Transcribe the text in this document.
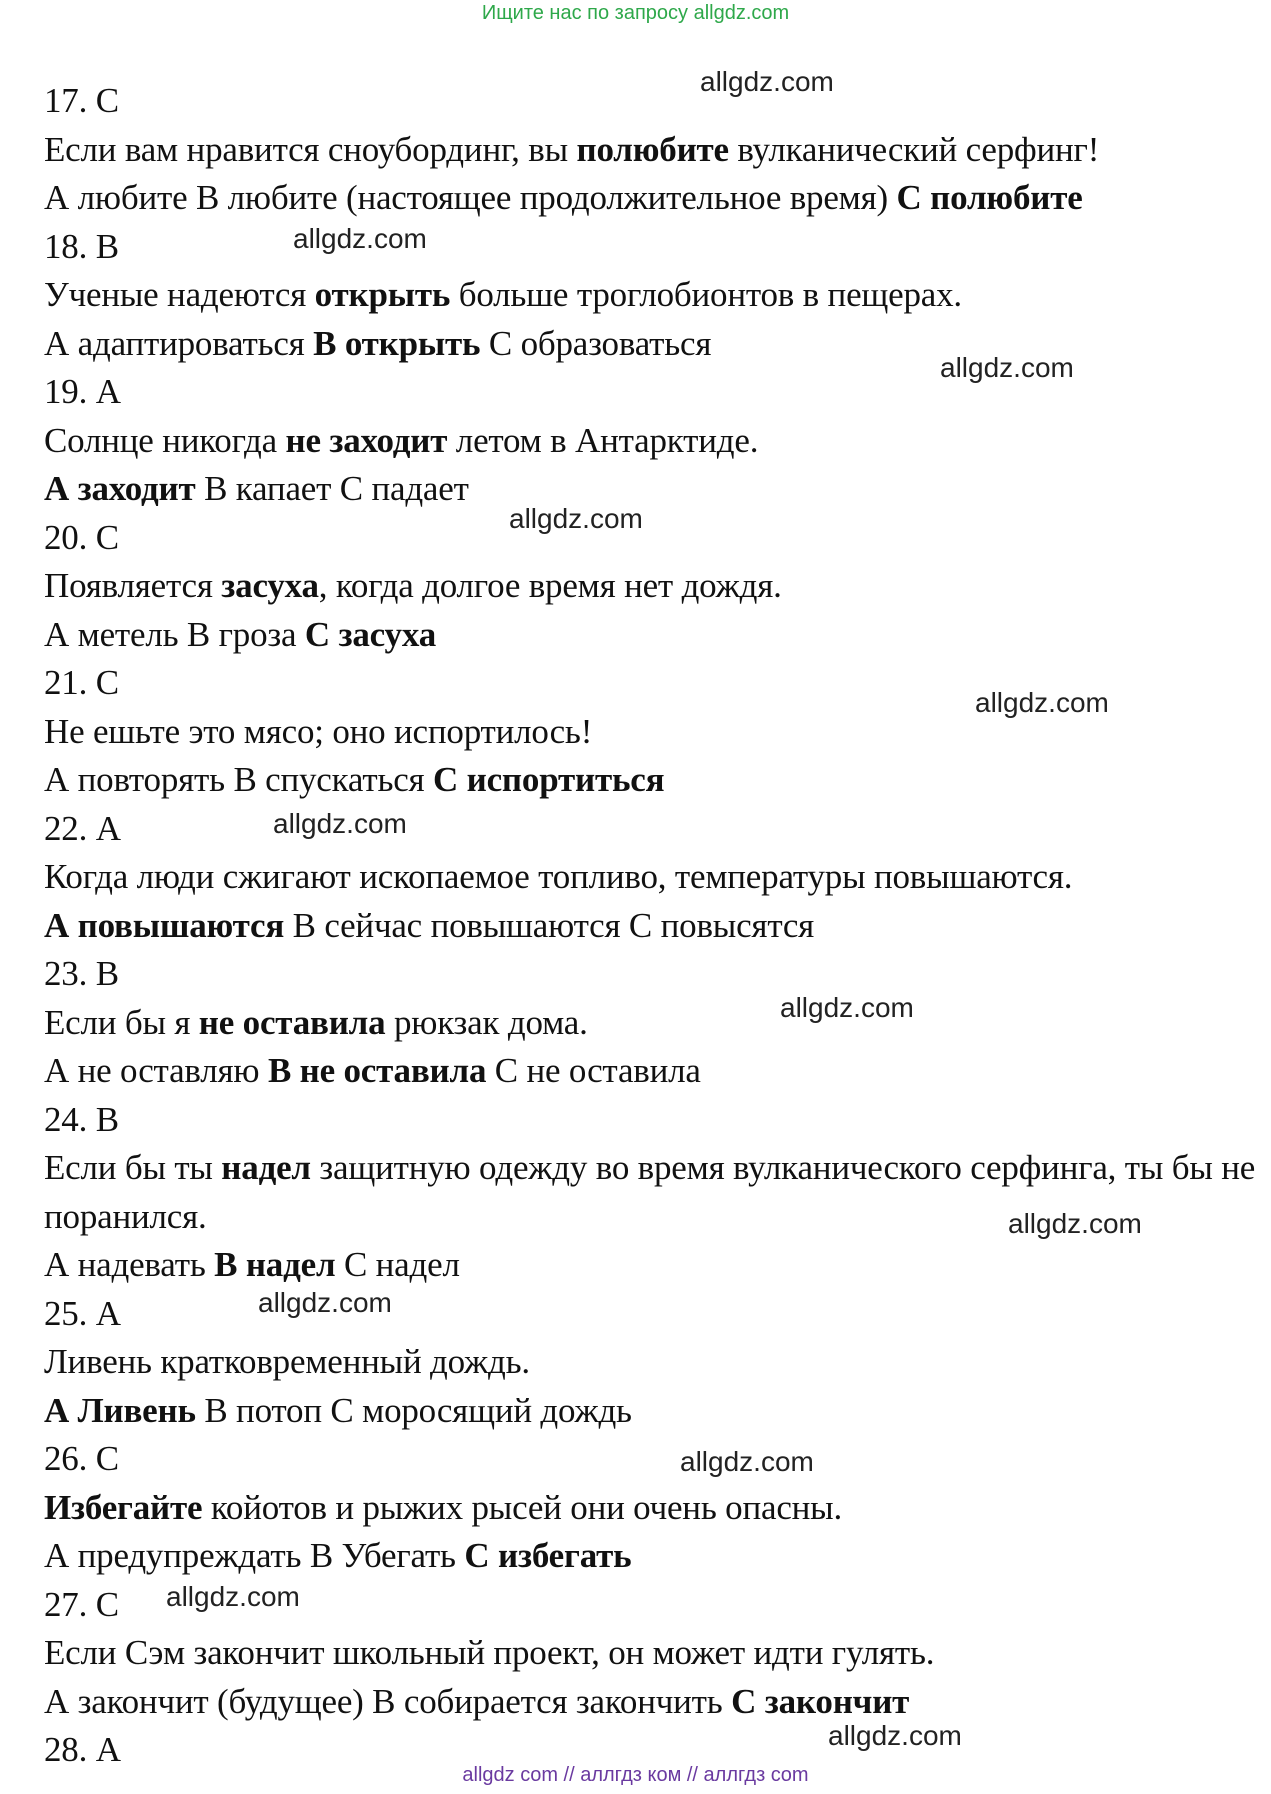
Ищите нас по запросу allgdz.com
17. С
Если вам нравится сноубординг, вы полюбите вулканический серфинг!
А любите В любите (настоящее продолжительное время) С полюбите
18. В
Ученые надеются открыть больше троглобионтов в пещерах.
А адаптироваться В открыть С образоваться
19. А
Солнце никогда не заходит летом в Антарктиде.
А заходит В капает С падает
20. С
Появляется засуха, когда долгое время нет дождя.
А метель В гроза С засуха
21. С
Не ешьте это мясо; оно испортилось!
А повторять В спускаться С испортиться
22. А
Когда люди сжигают ископаемое топливо, температуры повышаются.
А повышаются В сейчас повышаются С повысятся
23. В
Если бы я не оставила рюкзак дома.
А не оставляю В не оставила С не оставила
24. В
Если бы ты надел защитную одежду во время вулканического серфинга, ты бы не поранился.
А надевать В надел С надел
25. А
Ливень кратковременный дождь.
А Ливень В потоп С моросящий дождь
26. С
Избегайте койотов и рыжих рысей они очень опасны.
А предупреждать В Убегать С избегать
27. С
Если Сэм закончит школьный проект, он может идти гулять.
А закончит (будущее) В собирается закончить С закончит
28. А
allgdz.com
allgdz.com
allgdz.com
allgdz.com
allgdz.com
allgdz.com
allgdz.com
allgdz.com
allgdz.com
allgdz.com
allgdz.com
allgdz.com
allgdz com // аллгдз ком // аллгдз com
